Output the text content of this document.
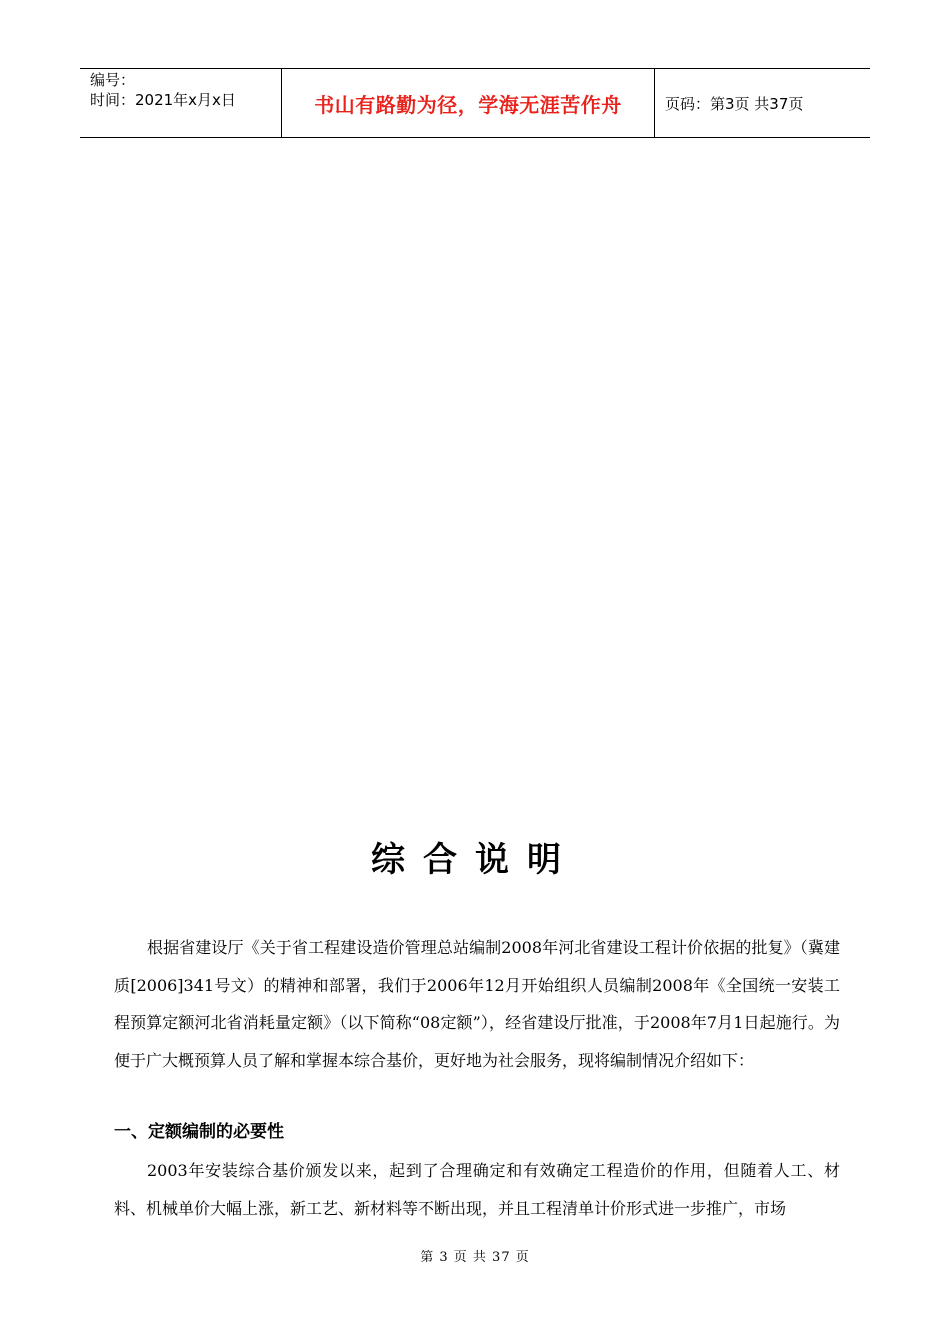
编号：
时间：2021年x月x日	书山有路勤为径，学海无涯苦作舟	页码：第3页 共37页
综合说明
根据省建设厅《关于省工程建设造价管理总站编制2008年河北省建设工程计价依据的批复》（冀建质[2006]341号文）的精神和部署，我们于2006年12月开始组织人员编制2008年《全国统一安装工程预算定额河北省消耗量定额》（以下简称“08定额”），经省建设厅批准，于2008年7月1日起施行。为便于广大概预算人员了解和掌握本综合基价，更好地为社会服务，现将编制情况介绍如下：
一、定额编制的必要性
2003年安装综合基价颁发以来，起到了合理确定和有效确定工程造价的作用，但随着人工、材料、机械单价大幅上涨，新工艺、新材料等不断出现，并且工程清单计价形式进一步推广，市场
第 3 页 共 37 页
